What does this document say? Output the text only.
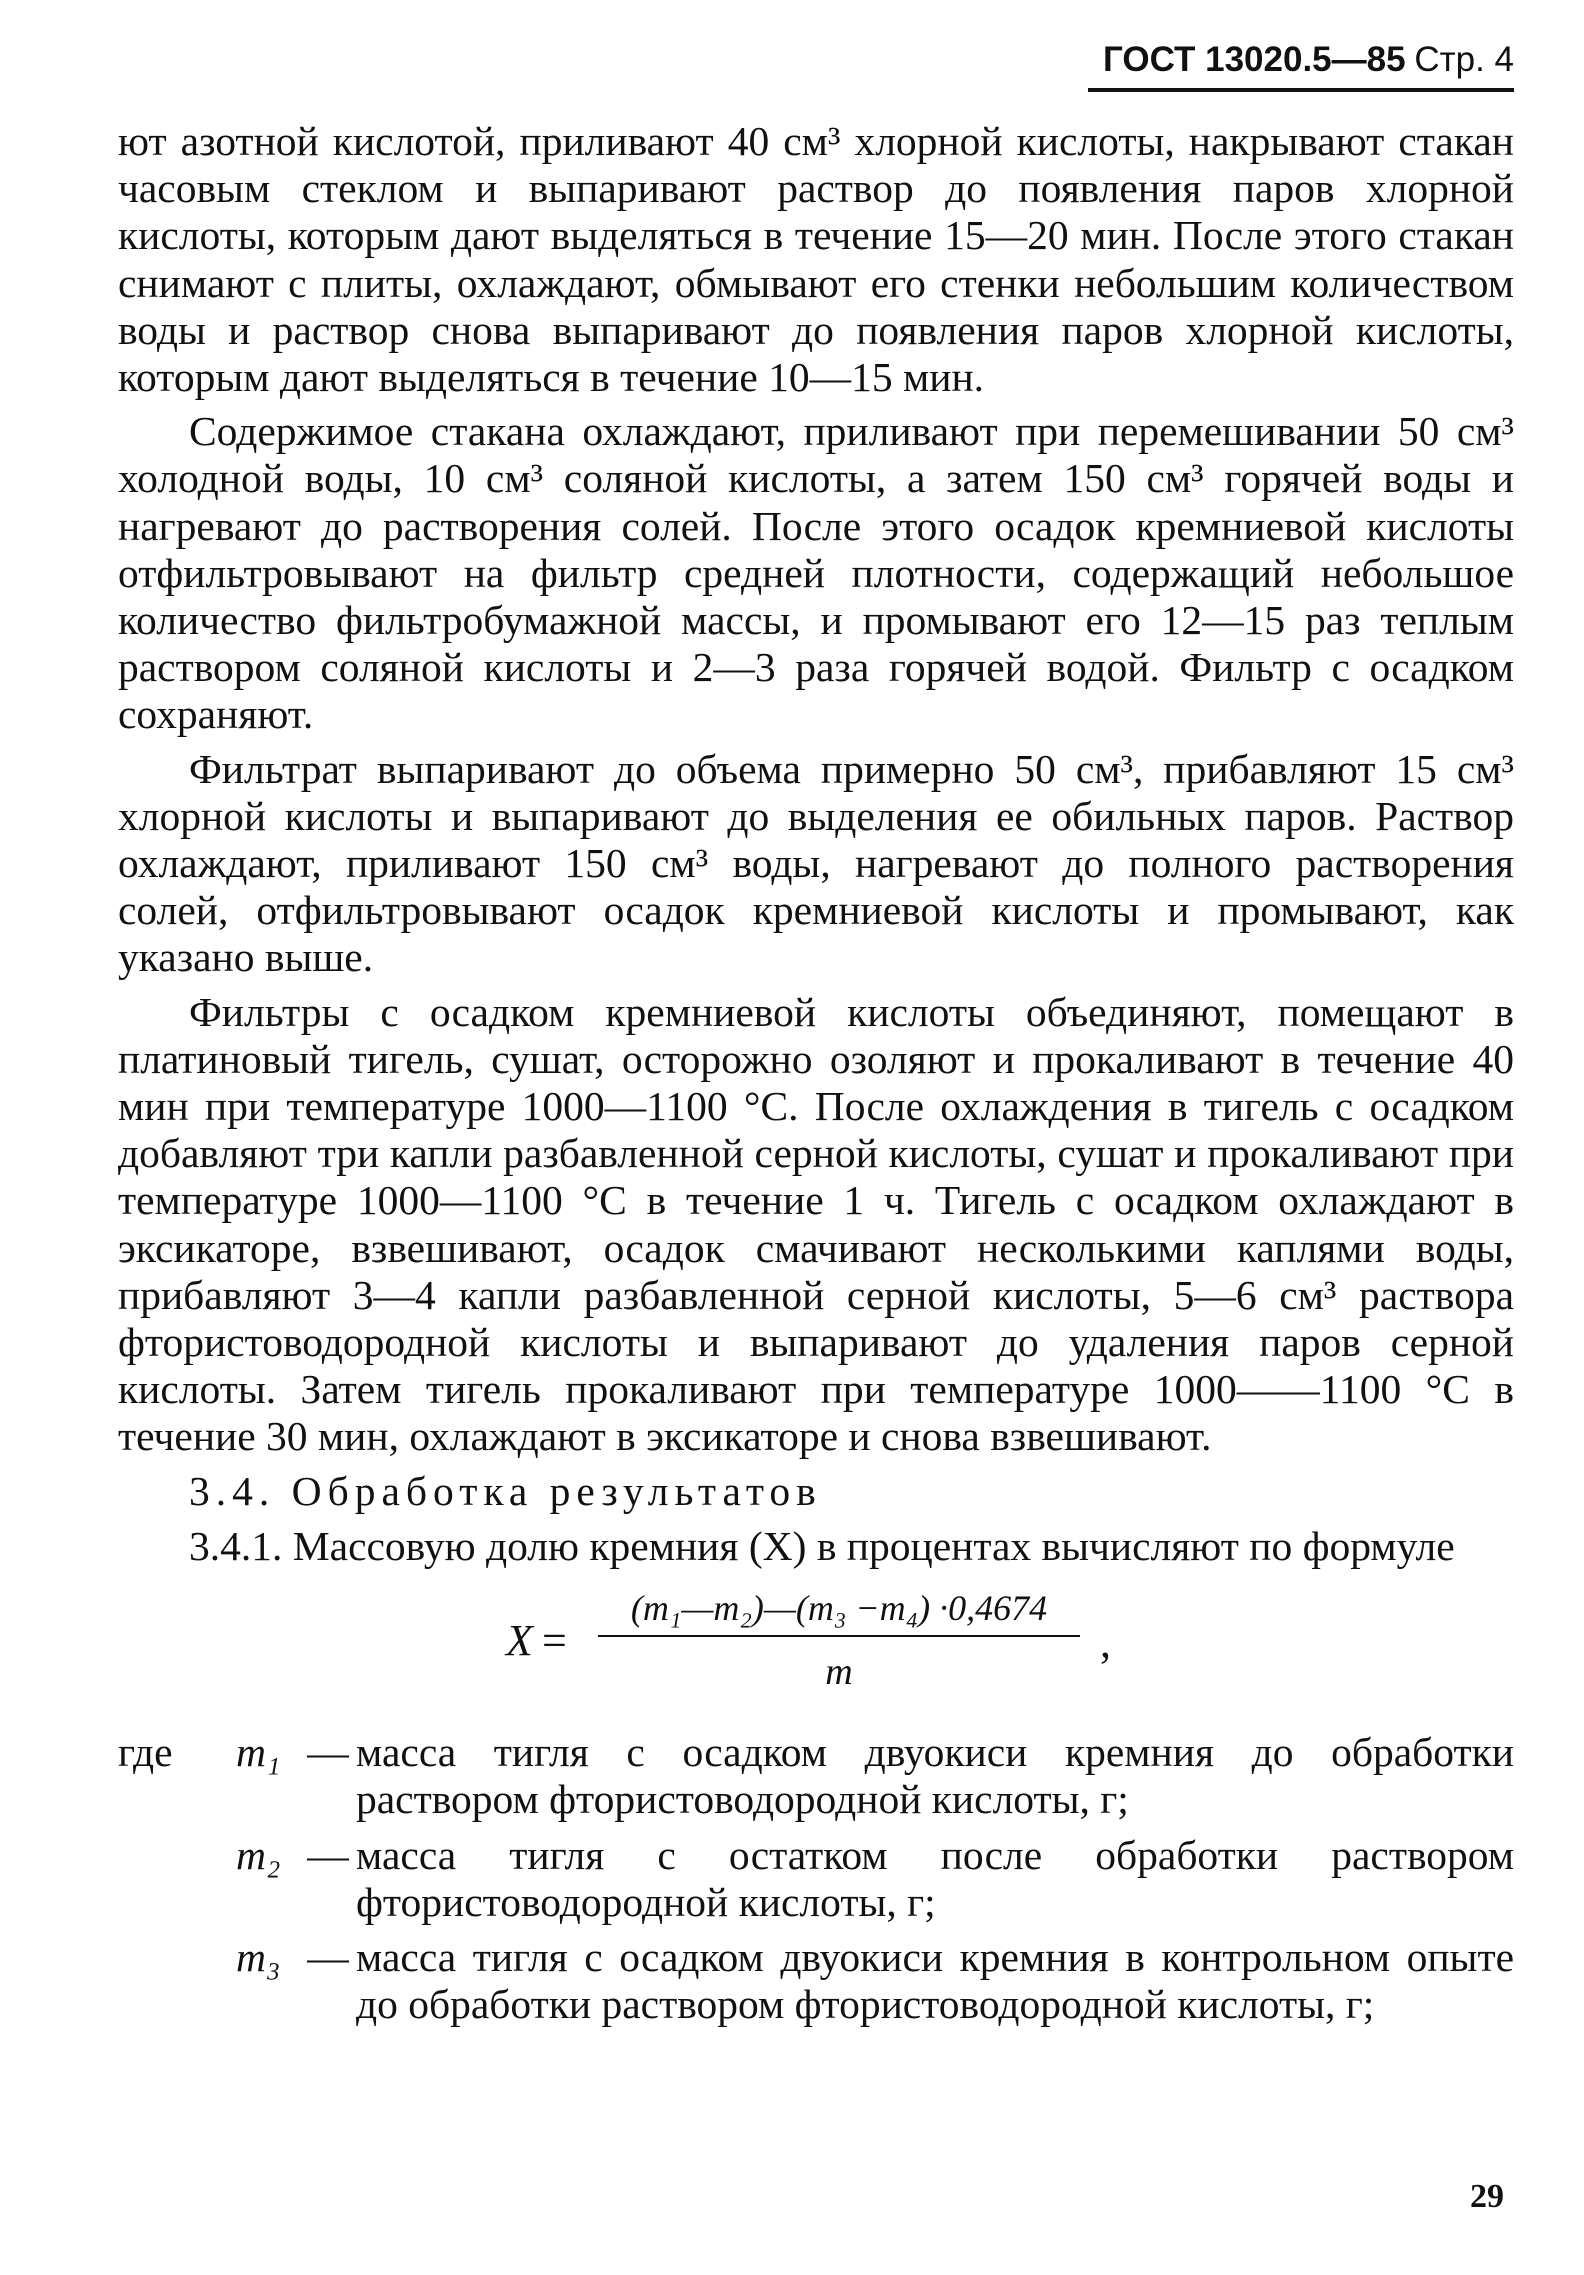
ГОСТ 13020.5—85 Стр. 4

ют азотной кислотой, приливают 40 см³ хлорной кислоты, накрывают стакан часовым стеклом и выпаривают раствор до появления паров хлорной кислоты, которым дают выделяться в течение 15—20 мин. После этого стакан снимают с плиты, охлаждают, обмывают его стенки небольшим количеством воды и раствор снова выпаривают до появления паров хлорной кислоты, которым дают выделяться в течение 10—15 мин.

Содержимое стакана охлаждают, приливают при перемешивании 50 см³ холодной воды, 10 см³ соляной кислоты, а затем 150 см³ горячей воды и нагревают до растворения солей. После этого осадок кремниевой кислоты отфильтровывают на фильтр средней плотности, содержащий небольшое количество фильтробумажной массы, и промывают его 12—15 раз теплым раствором соляной кислоты и 2—3 раза горячей водой. Фильтр с осадком сохраняют.

Фильтрат выпаривают до объема примерно 50 см³, прибавляют 15 см³ хлорной кислоты и выпаривают до выделения ее обильных паров. Раствор охлаждают, приливают 150 см³ воды, нагревают до полного растворения солей, отфильтровывают осадок кремниевой кислоты и промывают, как указано выше.

Фильтры с осадком кремниевой кислоты объединяют, помещают в платиновый тигель, сушат, осторожно озоляют и прокаливают в течение 40 мин при температуре 1000—1100 °С. После охлаждения в тигель с осадком добавляют три капли разбавленной серной кислоты, сушат и прокаливают при температуре 1000—1100 °С в течение 1 ч. Тигель с осадком охлаждают в эксикаторе, взвешивают, осадок смачивают несколькими каплями воды, прибавляют 3—4 капли разбавленной серной кислоты, 5—6 см³ раствора фтористоводородной кислоты и выпаривают до удаления паров серной кислоты. Затем тигель прокаливают при температуре 1000——1100 °С в течение 30 мин, охлаждают в эксикаторе и снова взвешивают.

3.4. Обработка результатов

3.4.1. Массовую долю кремния (X) в процентах вычисляют по формуле

X =
(m₁—m₂)—(m₃ −m₄) ·0,4674
m
,
где	m₁ — масса тигля с осадком двуокиси кремния до обработки раствором фтористоводородной кислоты, г;
m₂ — масса тигля с остатком после обработки раствором фтористоводородной кислоты, г;
m₃ — масса тигля с осадком двуокиси кремния в контрольном опыте до обработки раствором фтористоводородной кислоты, г;
29
